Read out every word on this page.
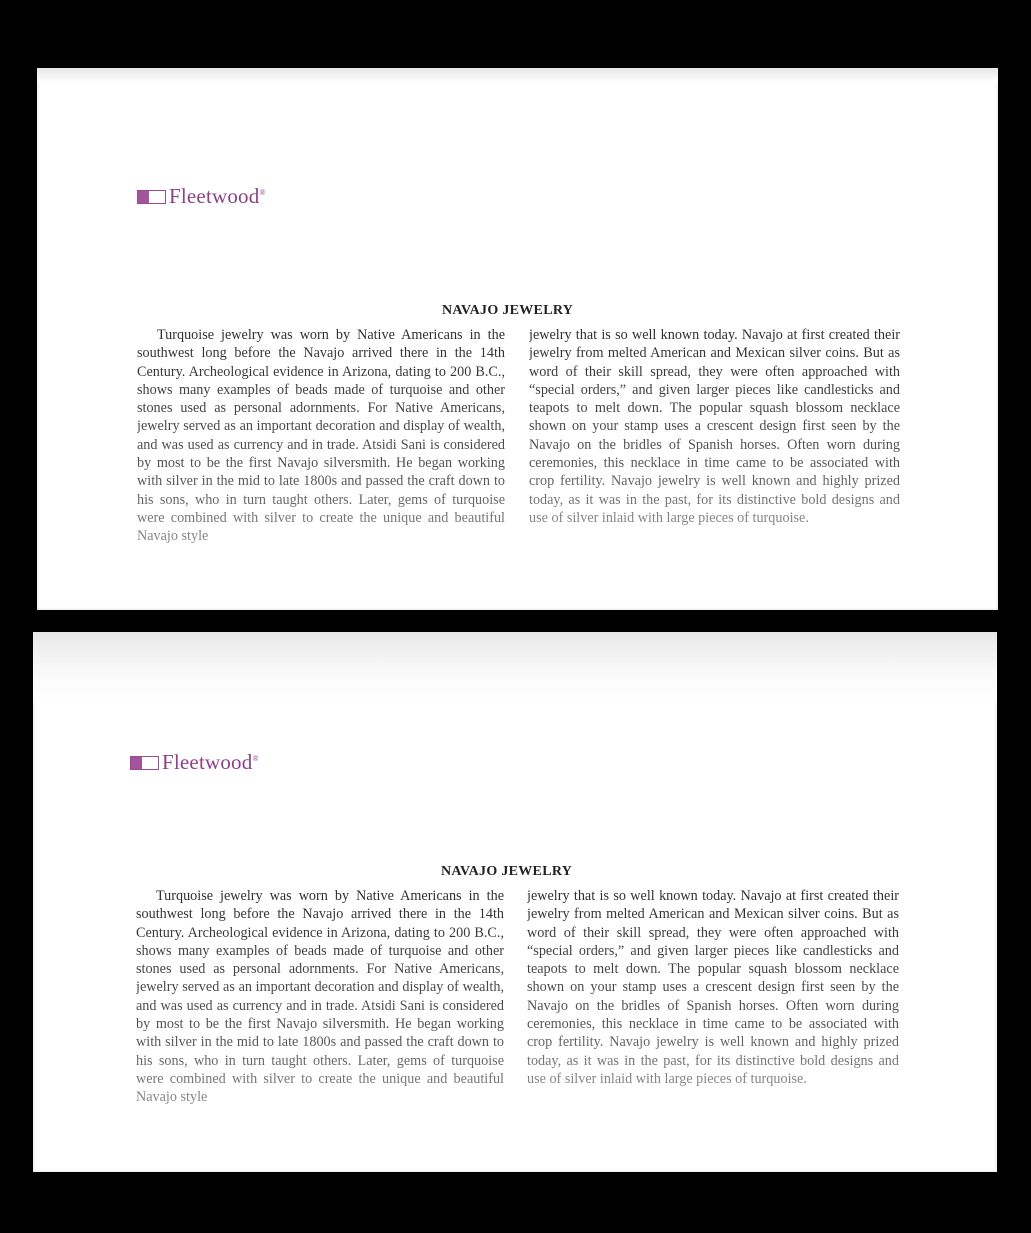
Fleetwood®
NAVAJO JEWELRY

Turquoise jewelry was worn by Native Americans in the southwest long before the Navajo arrived there in the 14th Century. Archeological evidence in Arizona, dating to 200 B.C., shows many examples of beads made of turquoise and other stones used as personal adornments. For Native Americans, jewelry served as an important decoration and display of wealth, and was used as currency and in trade. Atsidi Sani is considered by most to be the first Navajo silversmith. He began working with silver in the mid to late 1800s and passed the craft down to his sons, who in turn taught others. Later, gems of turquoise were combined with silver to create the unique and beautiful Navajo style

jewelry that is so well known today. Navajo at first created their jewelry from melted American and Mexican silver coins. But as word of their skill spread, they were often approached with “special orders,” and given larger pieces like candlesticks and teapots to melt down. The popular squash blossom necklace shown on your stamp uses a crescent design first seen by the Navajo on the bridles of Spanish horses. Often worn during ceremonies, this necklace in time came to be associated with crop fertility. Navajo jewelry is well known and highly prized today, as it was in the past, for its distinctive bold designs and use of silver inlaid with large pieces of turquoise.

Fleetwood®
NAVAJO JEWELRY

Turquoise jewelry was worn by Native Americans in the southwest long before the Navajo arrived there in the 14th Century. Archeological evidence in Arizona, dating to 200 B.C., shows many examples of beads made of turquoise and other stones used as personal adornments. For Native Americans, jewelry served as an important decoration and display of wealth, and was used as currency and in trade. Atsidi Sani is considered by most to be the first Navajo silversmith. He began working with silver in the mid to late 1800s and passed the craft down to his sons, who in turn taught others. Later, gems of turquoise were combined with silver to create the unique and beautiful Navajo style

jewelry that is so well known today. Navajo at first created their jewelry from melted American and Mexican silver coins. But as word of their skill spread, they were often approached with “special orders,” and given larger pieces like candlesticks and teapots to melt down. The popular squash blossom necklace shown on your stamp uses a crescent design first seen by the Navajo on the bridles of Spanish horses. Often worn during ceremonies, this necklace in time came to be associated with crop fertility. Navajo jewelry is well known and highly prized today, as it was in the past, for its distinctive bold designs and use of silver inlaid with large pieces of turquoise.
